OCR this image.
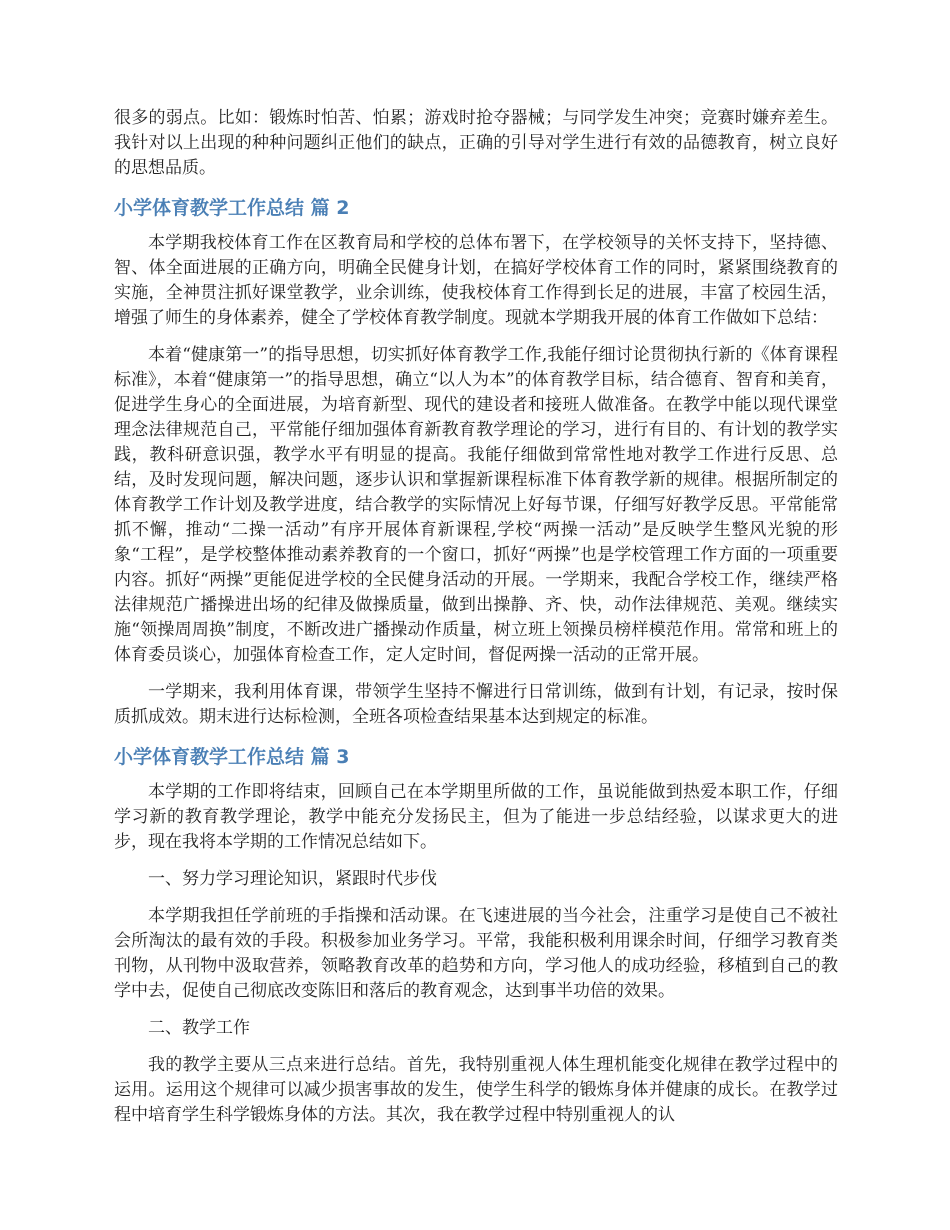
很多的弱点。比如：锻炼时怕苦、怕累；游戏时抢夺器械；与同学发生冲突；竞赛时嫌弃差生。我针对以上出现的种种问题纠正他们的缺点，正确的引导对学生进行有效的品德教育，树立良好的思想品质。

小学体育教学工作总结 篇 2

本学期我校体育工作在区教育局和学校的总体布署下，在学校领导的关怀支持下，坚持德、智、体全面进展的正确方向，明确全民健身计划，在搞好学校体育工作的同时，紧紧围绕教育的实施，全神贯注抓好课堂教学，业余训练，使我校体育工作得到长足的进展，丰富了校园生活，增强了师生的身体素养，健全了学校体育教学制度。现就本学期我开展的体育工作做如下总结：

本着“健康第一”的指导思想，切实抓好体育教学工作,我能仔细讨论贯彻执行新的《体育课程标准》，本着“健康第一”的指导思想，确立“以人为本”的体育教学目标，结合德育、智育和美育，促进学生身心的全面进展，为培育新型、现代的建设者和接班人做准备。在教学中能以现代课堂理念法律规范自己，平常能仔细加强体育新教育教学理论的学习，进行有目的、有计划的教学实践，教科研意识强，教学水平有明显的提高。我能仔细做到常常性地对教学工作进行反思、总结，及时发现问题，解决问题，逐步认识和掌握新课程标准下体育教学新的规律。根据所制定的体育教学工作计划及教学进度，结合教学的实际情况上好每节课，仔细写好教学反思。平常能常抓不懈，推动“二操一活动”有序开展体育新课程,学校“两操一活动”是反映学生整风光貌的形象“工程”，是学校整体推动素养教育的一个窗口，抓好“两操”也是学校管理工作方面的一项重要内容。抓好“两操”更能促进学校的全民健身活动的开展。一学期来，我配合学校工作，继续严格法律规范广播操进出场的纪律及做操质量，做到出操静、齐、快，动作法律规范、美观。继续实施“领操周周换”制度，不断改进广播操动作质量，树立班上领操员榜样模范作用。常常和班上的体育委员谈心，加强体育检查工作，定人定时间，督促两操一活动的正常开展。

一学期来，我利用体育课，带领学生坚持不懈进行日常训练，做到有计划，有记录，按时保质抓成效。期末进行达标检测，全班各项检查结果基本达到规定的标准。

小学体育教学工作总结 篇 3

本学期的工作即将结束，回顾自己在本学期里所做的工作，虽说能做到热爱本职工作，仔细学习新的教育教学理论，教学中能充分发扬民主，但为了能进一步总结经验，以谋求更大的进步，现在我将本学期的工作情况总结如下。

一、努力学习理论知识，紧跟时代步伐

本学期我担任学前班的手指操和活动课。在飞速进展的当今社会，注重学习是使自己不被社会所淘汰的最有效的手段。积极参加业务学习。平常，我能积极利用课余时间，仔细学习教育类刊物，从刊物中汲取营养，领略教育改革的趋势和方向，学习他人的成功经验，移植到自己的教学中去，促使自己彻底改变陈旧和落后的教育观念，达到事半功倍的效果。

二、教学工作

我的教学主要从三点来进行总结。首先，我特别重视人体生理机能变化规律在教学过程中的运用。运用这个规律可以减少损害事故的发生，使学生科学的锻炼身体并健康的成长。在教学过程中培育学生科学锻炼身体的方法。其次，我在教学过程中特别重视人的认
